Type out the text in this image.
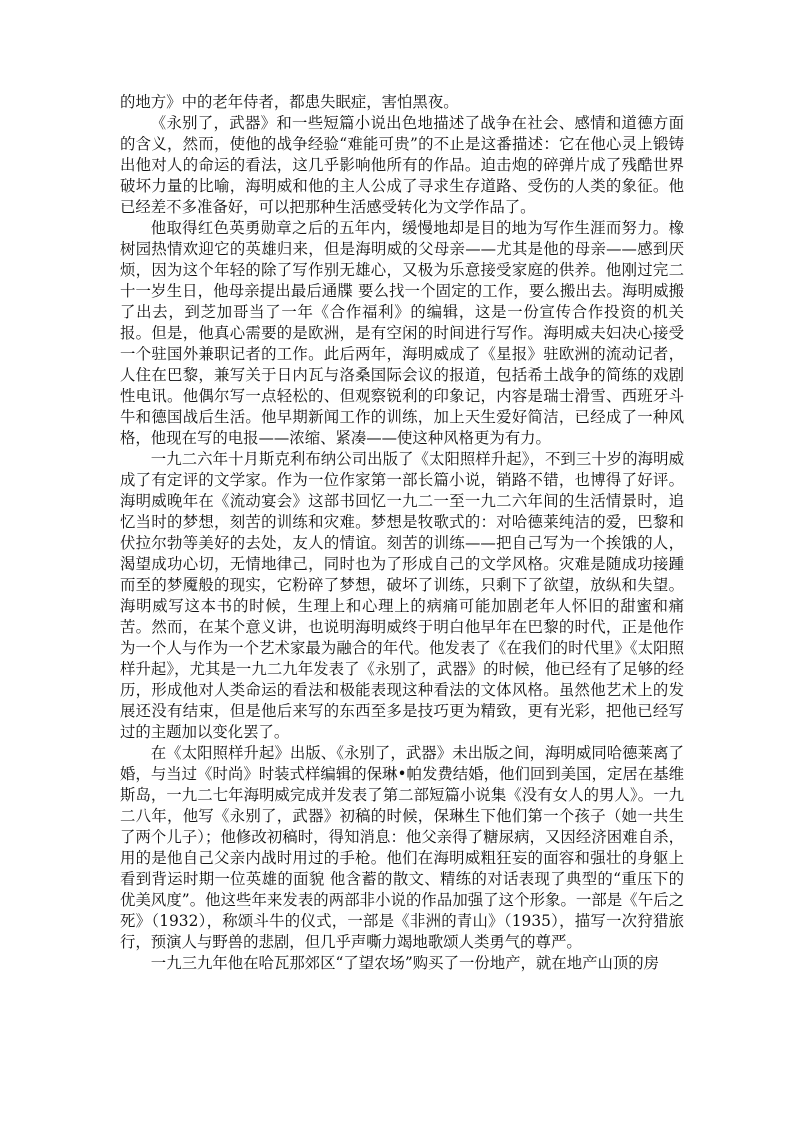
的地方》中的老年侍者，都患失眠症，害怕黑夜。

《永别了，武器》和一些短篇小说出色地描述了战争在社会、感情和道德方面的含义，然而，使他的战争经验“难能可贵”的不止是这番描述：它在他心灵上锻铸出他对人的命运的看法，这几乎影响他所有的作品。迫击炮的碎弹片成了残酷世界破坏力量的比喻，海明威和他的主人公成了寻求生存道路、受伤的人类的象征。他已经差不多准备好，可以把那种生活感受转化为文学作品了。

他取得红色英勇勋章之后的五年内，缓慢地却是目的地为写作生涯而努力。橡树园热情欢迎它的英雄归来，但是海明威的父母亲——尤其是他的母亲——感到厌烦，因为这个年轻的除了写作别无雄心，又极为乐意接受家庭的供养。他刚过完二十一岁生日，他母亲提出最后通牒 要么找一个固定的工作，要么搬出去。海明威搬了出去，到芝加哥当了一年《合作福利》的编辑，这是一份宣传合作投资的机关报。但是，他真心需要的是欧洲，是有空闲的时间进行写作。海明威夫妇决心接受一个驻国外兼职记者的工作。此后两年，海明威成了《星报》驻欧洲的流动记者，人住在巴黎，兼写关于日内瓦与洛桑国际会议的报道，包括希土战争的简练的戏剧性电讯。他偶尔写一点轻松的、但观察锐利的印象记，内容是瑞士滑雪、西班牙斗牛和德国战后生活。他早期新闻工作的训练，加上天生爱好简洁，已经成了一种风格，他现在写的电报——浓缩、紧凑——使这种风格更为有力。

一九二六年十月斯克利布纳公司出版了《太阳照样升起》，不到三十岁的海明威成了有定评的文学家。作为一位作家第一部长篇小说，销路不错，也博得了好评。海明威晚年在《流动宴会》这部书回忆一九二一至一九二六年间的生活情景时，追忆当时的梦想，刻苦的训练和灾难。梦想是牧歌式的：对哈德莱纯洁的爱，巴黎和伏拉尔勃等美好的去处，友人的情谊。刻苦的训练——把自己写为一个挨饿的人，渴望成功心切，无情地律己，同时也为了形成自己的文学风格。灾难是随成功接踵而至的梦魇般的现实，它粉碎了梦想，破坏了训练，只剩下了欲望，放纵和失望。海明威写这本书的时候，生理上和心理上的病痛可能加剧老年人怀旧的甜蜜和痛苦。然而，在某个意义讲，也说明海明威终于明白他早年在巴黎的时代，正是他作为一个人与作为一个艺术家最为融合的年代。他发表了《在我们的时代里》《太阳照样升起》，尤其是一九二九年发表了《永别了，武器》的时候，他已经有了足够的经历，形成他对人类命运的看法和极能表现这种看法的文体风格。虽然他艺术上的发展还没有结束，但是他后来写的东西至多是技巧更为精致，更有光彩，把他已经写过的主题加以变化罢了。

在《太阳照样升起》出版、《永别了，武器》未出版之间，海明威同哈德莱离了婚，与当过《时尚》时装式样编辑的保琳•帕发费结婚，他们回到美国，定居在基维斯岛，一九二七年海明威完成并发表了第二部短篇小说集《没有女人的男人》。一九二八年，他写《永别了，武器》初稿的时候，保琳生下他们第一个孩子（她一共生了两个儿子）；他修改初稿时，得知消息：他父亲得了糖尿病，又因经济困难自杀，用的是他自己父亲内战时用过的手枪。他们在海明威粗狂妄的面容和强壮的身躯上看到背运时期一位英雄的面貌 他含蓄的散文、精练的对话表现了典型的“重压下的优美风度”。他这些年来发表的两部非小说的作品加强了这个形象。一部是《午后之死》（1932），称颂斗牛的仪式，一部是《非洲的青山》（1935），描写一次狩猎旅行，预演人与野兽的悲剧，但几乎声嘶力竭地歌颂人类勇气的尊严。

一九三九年他在哈瓦那郊区“了望农场”购买了一份地产，就在地产山顶的房
